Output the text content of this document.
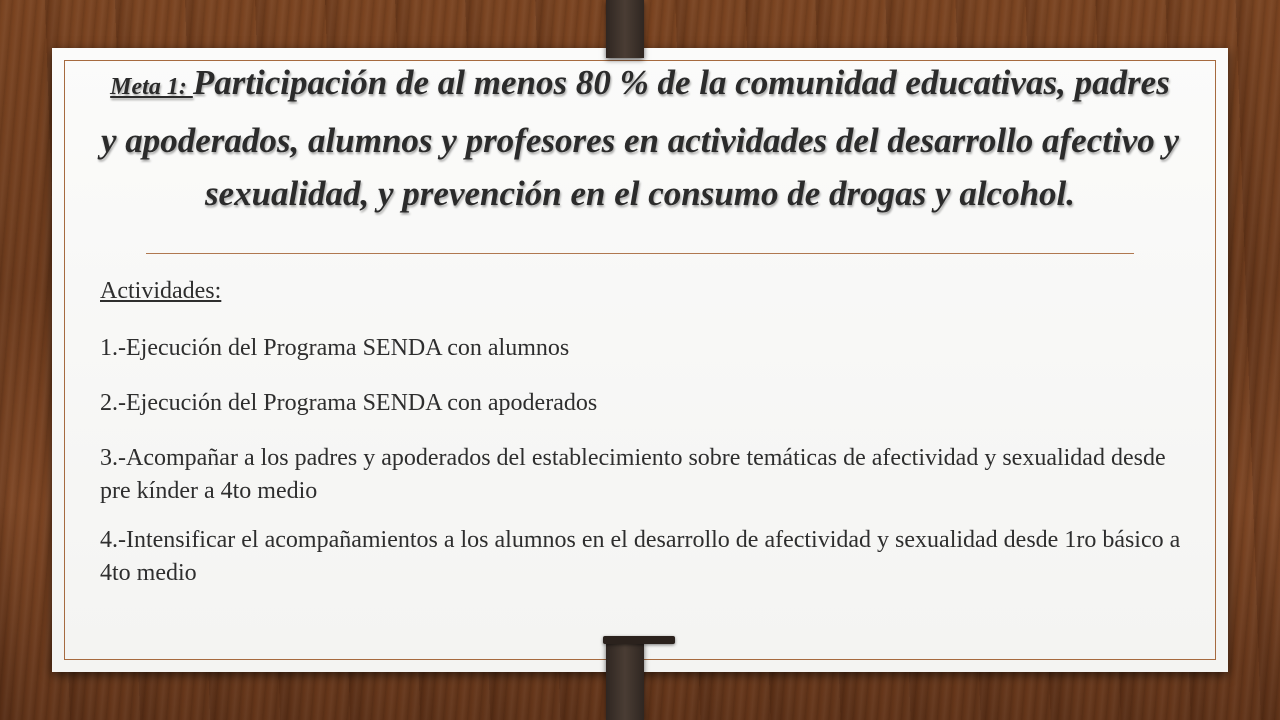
Meta 1: Participación de al menos 80 % de la comunidad educativas, padres y apoderados, alumnos y profesores en actividades del desarrollo afectivo y sexualidad, y prevención en el consumo de drogas y alcohol.
Actividades:
1.-Ejecución del Programa SENDA con alumnos
2.-Ejecución del Programa SENDA con apoderados
3.-Acompañar a los padres y apoderados del establecimiento sobre temáticas de afectividad y sexualidad desde pre kínder a 4to medio
4.-Intensificar el acompañamientos a los alumnos en el desarrollo de afectividad y sexualidad desde 1ro básico a 4to medio
